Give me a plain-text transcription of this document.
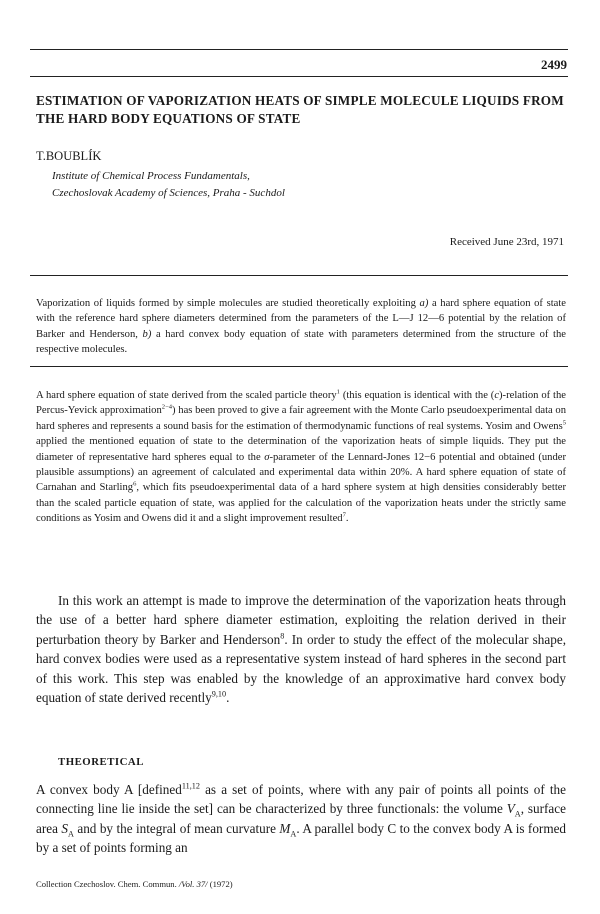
2499
ESTIMATION OF VAPORIZATION HEATS OF SIMPLE MOLECULE LIQUIDS FROM THE HARD BODY EQUATIONS OF STATE
T.BOUBLÍK
Institute of Chemical Process Fundamentals,
Czechoslovak Academy of Sciences, Praha - Suchdol
Received June 23rd, 1971

Vaporization of liquids formed by simple molecules are studied theoretically exploiting a) a hard sphere equation of state with the reference hard sphere diameters determined from the parameters of the L—J 12—6 potential by the relation of Barker and Henderson, b) a hard convex body equation of state with parameters determined from the structure of the respective molecules.

A hard sphere equation of state derived from the scaled particle theory$^1$ (this equation is identical with the (c)-relation of the Percus-Yevick approximation$^{2-4}$) has been proved to give a fair agreement with the Monte Carlo pseudoexperimental data on hard spheres and represents a sound basis for the estimation of thermodynamic functions of real systems. Yosim and Owens$^5$ applied the mentioned equation of state to the determination of the vaporization heats of simple liquids. They put the diameter of representative hard spheres equal to the σ-parameter of the Lennard-Jones 12−6 potential and obtained (under plausible assumptions) an agreement of calculated and experimental data within 20%. A hard sphere equation of state of Carnahan and Starling$^6$, which fits pseudoexperimental data of a hard sphere system at high densities considerably better than the scaled particle equation of state, was applied for the calculation of the vaporization heats under the strictly same conditions as Yosim and Owens did it and a slight improvement resulted$^7$.

In this work an attempt is made to improve the determination of the vaporization heats through the use of a better hard sphere diameter estimation, exploiting the relation derived in their perturbation theory by Barker and Henderson$^8$. In order to study the effect of the molecular shape, hard convex bodies were used as a representative system instead of hard spheres in the second part of this work. This step was enabled by the knowledge of an approximative hard convex body equation of state derived recently$^{9,10}$.

THEORETICAL

A convex body A [defined$^{11,12}$ as a set of points, where with any pair of points all points of the connecting line lie inside the set] can be characterized by three functionals: the volume $V_A$, surface area $S_A$ and by the integral of mean curvature $M_A$. A parallel body C to the convex body A is formed by a set of points forming an

Collection Czechoslov. Chem. Commun. /Vol. 37/ (1972)
